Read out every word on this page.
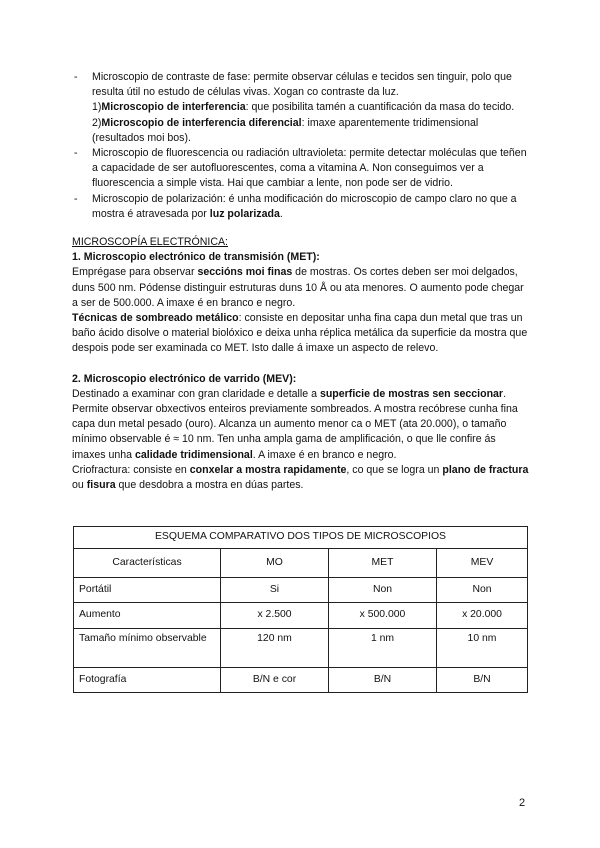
-	Microscopio de contraste de fase: permite observar células e tecidos sen tinguir, polo que resulta útil no estudo de células vivas. Xogan co contraste da luz.
1)Microscopio de interferencia: que posibilita tamén a cuantificación da masa do tecido. 2)Microscopio de interferencia diferencial: imaxe aparentemente tridimensional (resultados moi bos).
-	Microscopio de fluorescencia ou radiación ultravioleta: permite detectar moléculas que teñen a capacidade de ser autofluorescentes, coma a vitamina A. Non conseguimos ver a fluorescencia a simple vista. Hai que cambiar a lente, non pode ser de vidrio.
-	Microscopio de polarización: é unha modificación do microscopio de campo claro no que a mostra é atravesada por luz polarizada.

MICROSCOPÍA ELECTRÓNICA:

1. Microscopio electrónico de transmisión (MET):

Emprégase para observar seccións moi finas de mostras. Os cortes deben ser moi delgados, duns 500 nm. Pódense distinguir estruturas duns 10 Å ou ata menores. O aumento pode chegar a ser de 500.000. A imaxe é en branco e negro.

Técnicas de sombreado metálico: consiste en depositar unha fina capa dun metal que tras un baño ácido disolve o material biolóxico e deixa unha réplica metálica da superficie da mostra que despois pode ser examinada co MET. Isto dalle á imaxe un aspecto de relevo.

2. Microscopio electrónico de varrido (MEV):

Destinado a examinar con gran claridade e detalle a superficie de mostras sen seccionar. Permite observar obxectivos enteiros previamente sombreados. A mostra recóbrese cunha fina capa dun metal pesado (ouro). Alcanza un aumento menor ca o MET (ata 20.000), o tamaño mínimo observable é ≈ 10 nm. Ten unha ampla gama de amplificación, o que lle confire ás imaxes unha calidade tridimensional. A imaxe é en branco e negro.

Criofractura: consiste en conxelar a mostra rapidamente, co que se logra un plano de fractura ou fisura que desdobra a mostra en dúas partes.

ESQUEMA COMPARATIVO DOS TIPOS DE MICROSCOPIOS			
Características	MO	MET	MEV
Portátil	Si	Non	Non
Aumento	x 2.500	x 500.000	x 20.000
Tamaño mínimo observable	120 nm	1 nm	10 nm
Fotografía	B/N e cor	B/N	B/N
2
